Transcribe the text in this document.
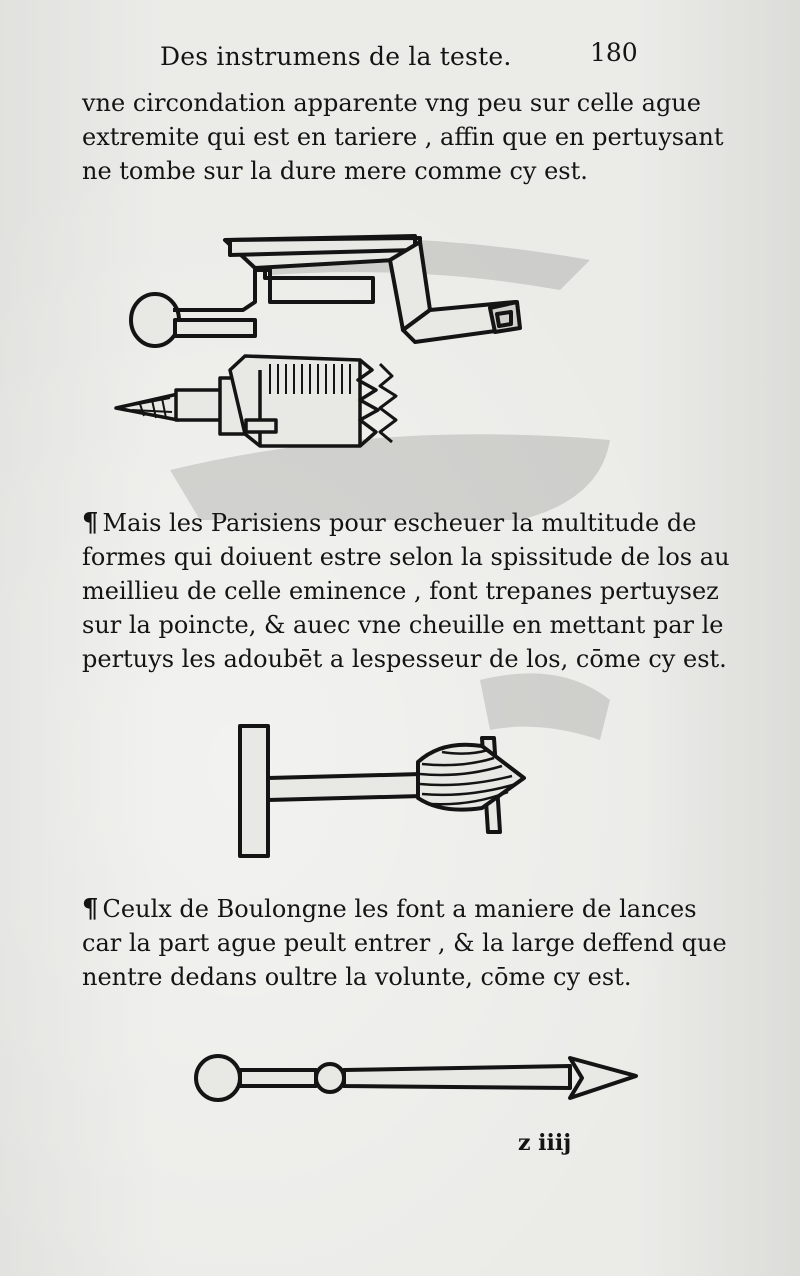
Des instrumens de la teste.	180
vne circondation apparente vng peu sur celle ague
extremite qui est en tariere , affin que en pertuysant
ne tombe sur la dure mere comme cy est.
¶ Mais les Parisiens pour escheuer la multitude de
formes qui doiuent estre selon la spissitude de los au
meillieu de celle eminence , font trepanes pertuysez
sur la poincte, & auec vne cheuille en mettant par le
pertuys les adoubēt a lespesseur de los, cōme cy est.
¶ Ceulx de Boulongne les font a maniere de lances
car la part ague peult entrer , & la large deffend que
nentre dedans oultre la volunte, cōme cy est.
z iiij
